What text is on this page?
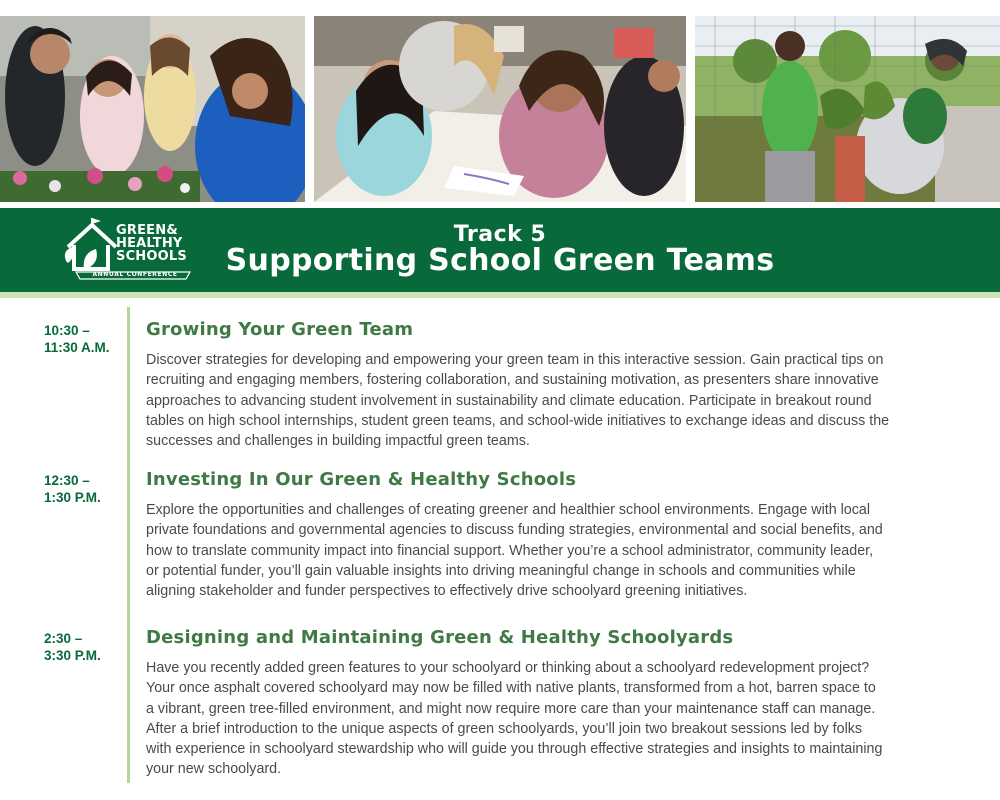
GREEN&
HEALTHY
SCHOOLS
ANNUAL CONFERENCE
Track 5
Supporting School Green Teams
10:30 –
11:30 A.M.
Growing Your Green Team
Discover strategies for developing and empowering your green team in this interactive session. Gain practical tips on
recruiting and engaging members, fostering collaboration, and sustaining motivation, as presenters share innovative
approaches to advancing student involvement in sustainability and climate education. Participate in breakout round
tables on high school internships, student green teams, and school-wide initiatives to exchange ideas and discuss the
successes and challenges in building impactful green teams.
12:30 –
1:30 P.M.
Investing In Our Green & Healthy Schools
Explore the opportunities and challenges of creating greener and healthier school environments. Engage with local
private foundations and governmental agencies to discuss funding strategies, environmental and social benefits, and
how to translate community impact into financial support. Whether you’re a school administrator, community leader,
or potential funder, you’ll gain valuable insights into driving meaningful change in schools and communities while
aligning stakeholder and funder perspectives to effectively drive schoolyard greening initiatives.
2:30 –
3:30 P.M.
Designing and Maintaining Green & Healthy Schoolyards
Have you recently added green features to your schoolyard or thinking about a schoolyard redevelopment project?
Your once asphalt covered schoolyard may now be filled with native plants, transformed from a hot, barren space to
a vibrant, green tree-filled environment, and might now require more care than your maintenance staff can manage.
After a brief introduction to the unique aspects of green schoolyards, you’ll join two breakout sessions led by folks
with experience in schoolyard stewardship who will guide you through effective strategies and insights to maintaining
your new schoolyard.
